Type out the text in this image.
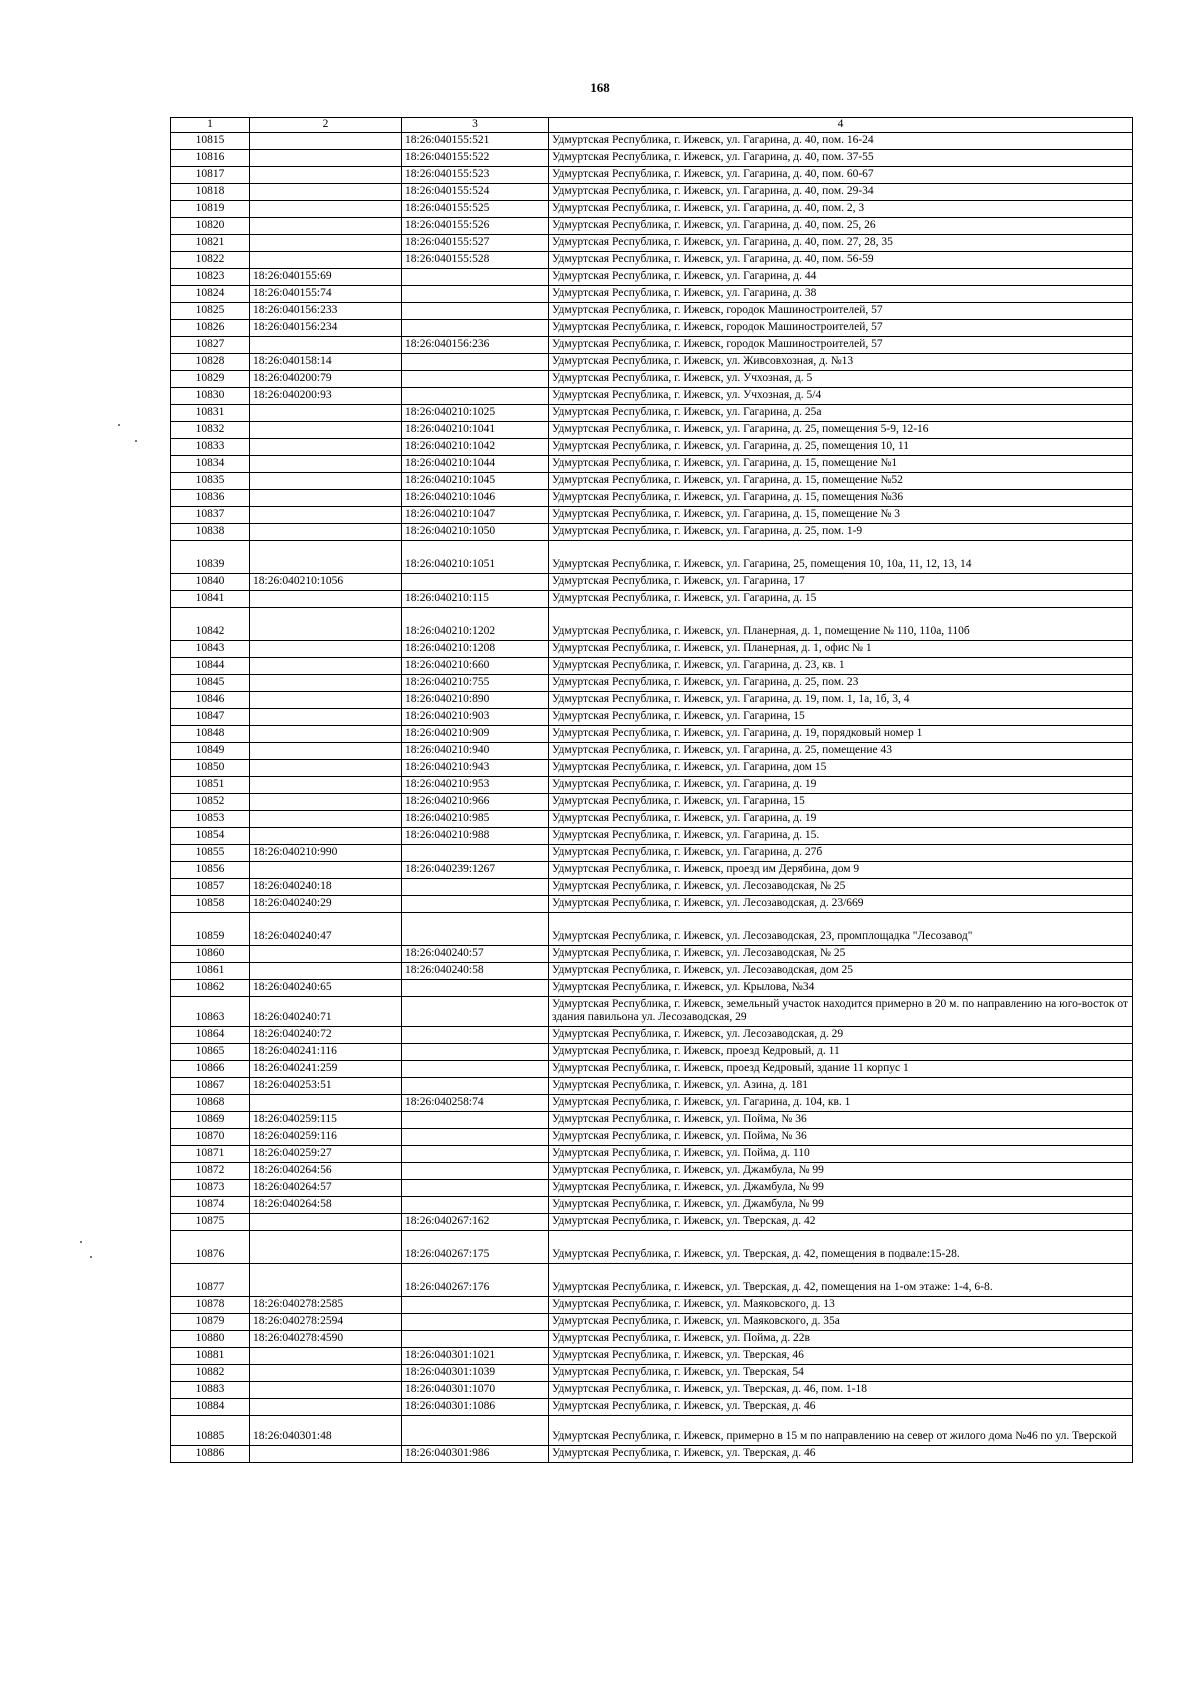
168
1	2	3	4
10815		18:26:040155:521	Удмуртская Республика, г. Ижевск, ул. Гагарина, д. 40, пом. 16-24
10816		18:26:040155:522	Удмуртская Республика, г. Ижевск, ул. Гагарина, д. 40, пом. 37-55
10817		18:26:040155:523	Удмуртская Республика, г. Ижевск, ул. Гагарина, д. 40, пом. 60-67
10818		18:26:040155:524	Удмуртская Республика, г. Ижевск, ул. Гагарина, д. 40, пом. 29-34
10819		18:26:040155:525	Удмуртская Республика, г. Ижевск, ул. Гагарина, д. 40, пом. 2, 3
10820		18:26:040155:526	Удмуртская Республика, г. Ижевск, ул. Гагарина, д. 40, пом. 25, 26
10821		18:26:040155:527	Удмуртская Республика, г. Ижевск, ул. Гагарина, д. 40, пом. 27, 28, 35
10822		18:26:040155:528	Удмуртская Республика, г. Ижевск, ул. Гагарина, д. 40, пом. 56-59
10823	18:26:040155:69		Удмуртская Республика, г. Ижевск, ул. Гагарина, д. 44
10824	18:26:040155:74		Удмуртская Республика, г. Ижевск, ул. Гагарина, д. 38
10825	18:26:040156:233		Удмуртская Республика, г. Ижевск, городок Машиностроителей, 57
10826	18:26:040156:234		Удмуртская Республика, г. Ижевск, городок Машиностроителей, 57
10827		18:26:040156:236	Удмуртская Республика, г. Ижевск, городок Машиностроителей, 57
10828	18:26:040158:14		Удмуртская Республика, г. Ижевск, ул. Живсовхозная, д. №13
10829	18:26:040200:79		Удмуртская Республика, г. Ижевск, ул. Учхозная, д. 5
10830	18:26:040200:93		Удмуртская Республика, г. Ижевск, ул. Учхозная, д. 5/4
10831		18:26:040210:1025	Удмуртская Республика, г. Ижевск, ул. Гагарина, д. 25а
10832		18:26:040210:1041	Удмуртская Республика, г. Ижевск, ул. Гагарина, д. 25, помещения 5-9, 12-16
10833		18:26:040210:1042	Удмуртская Республика, г. Ижевск, ул. Гагарина, д. 25, помещения 10, 11
10834		18:26:040210:1044	Удмуртская Республика, г. Ижевск, ул. Гагарина, д. 15, помещение №1
10835		18:26:040210:1045	Удмуртская Республика, г. Ижевск, ул. Гагарина, д. 15, помещение №52
10836		18:26:040210:1046	Удмуртская Республика, г. Ижевск, ул. Гагарина, д. 15, помещения №36
10837		18:26:040210:1047	Удмуртская Республика, г. Ижевск, ул. Гагарина, д. 15, помещение № 3
10838		18:26:040210:1050	Удмуртская Республика, г. Ижевск, ул. Гагарина, д. 25, пом. 1-9
10839		18:26:040210:1051	Удмуртская Республика, г. Ижевск, ул. Гагарина, 25, помещения 10, 10а, 11, 12, 13, 14
10840	18:26:040210:1056		Удмуртская Республика, г. Ижевск, ул. Гагарина, 17
10841		18:26:040210:115	Удмуртская Республика, г. Ижевск, ул. Гагарина, д. 15
10842		18:26:040210:1202	Удмуртская Республика, г. Ижевск, ул. Планерная, д. 1, помещение № 110, 110а, 110б
10843		18:26:040210:1208	Удмуртская Республика, г. Ижевск, ул. Планерная, д. 1, офис № 1
10844		18:26:040210:660	Удмуртская Республика, г. Ижевск, ул. Гагарина, д. 23, кв. 1
10845		18:26:040210:755	Удмуртская Республика, г. Ижевск, ул. Гагарина, д. 25, пом. 23
10846		18:26:040210:890	Удмуртская Республика, г. Ижевск, ул. Гагарина, д. 19, пом. 1, 1а, 1б, 3, 4
10847		18:26:040210:903	Удмуртская Республика, г. Ижевск, ул. Гагарина, 15
10848		18:26:040210:909	Удмуртская Республика, г. Ижевск, ул. Гагарина, д. 19, порядковый номер 1
10849		18:26:040210:940	Удмуртская Республика, г. Ижевск, ул. Гагарина, д. 25, помещение 43
10850		18:26:040210:943	Удмуртская Республика, г. Ижевск, ул. Гагарина, дом 15
10851		18:26:040210:953	Удмуртская Республика, г. Ижевск, ул. Гагарина, д. 19
10852		18:26:040210:966	Удмуртская Республика, г. Ижевск, ул. Гагарина, 15
10853		18:26:040210:985	Удмуртская Республика, г. Ижевск, ул. Гагарина, д. 19
10854		18:26:040210:988	Удмуртская Республика, г. Ижевск, ул. Гагарина, д. 15.
10855	18:26:040210:990		Удмуртская Республика, г. Ижевск, ул. Гагарина, д. 27б
10856		18:26:040239:1267	Удмуртская Республика, г. Ижевск, проезд им Дерябина, дом 9
10857	18:26:040240:18		Удмуртская Республика, г. Ижевск, ул. Лесозаводская, № 25
10858	18:26:040240:29		Удмуртская Республика, г. Ижевск, ул. Лесозаводская, д. 23/669
10859	18:26:040240:47		Удмуртская Республика, г. Ижевск, ул. Лесозаводская, 23, промплощадка "Лесозавод"
10860		18:26:040240:57	Удмуртская Республика, г. Ижевск, ул. Лесозаводская, № 25
10861		18:26:040240:58	Удмуртская Республика, г. Ижевск, ул. Лесозаводская, дом 25
10862	18:26:040240:65		Удмуртская Республика, г. Ижевск, ул. Крылова, №34
10863	18:26:040240:71		Удмуртская Республика, г. Ижевск, земельный участок находится примерно в 20 м. по направлению на юго-восток от здания павильона ул. Лесозаводская, 29
10864	18:26:040240:72		Удмуртская Республика, г. Ижевск, ул. Лесозаводская, д. 29
10865	18:26:040241:116		Удмуртская Республика, г. Ижевск, проезд Кедровый, д. 11
10866	18:26:040241:259		Удмуртская Республика, г. Ижевск, проезд Кедровый, здание 11 корпус 1
10867	18:26:040253:51		Удмуртская Республика, г. Ижевск, ул. Азина, д. 181
10868		18:26:040258:74	Удмуртская Республика, г. Ижевск, ул. Гагарина, д. 104, кв. 1
10869	18:26:040259:115		Удмуртская Республика, г. Ижевск, ул. Пойма, № 36
10870	18:26:040259:116		Удмуртская Республика, г. Ижевск, ул. Пойма, № 36
10871	18:26:040259:27		Удмуртская Республика, г. Ижевск, ул. Пойма, д. 110
10872	18:26:040264:56		Удмуртская Республика, г. Ижевск, ул. Джамбула, № 99
10873	18:26:040264:57		Удмуртская Республика, г. Ижевск, ул. Джамбула, № 99
10874	18:26:040264:58		Удмуртская Республика, г. Ижевск, ул. Джамбула, № 99
10875		18:26:040267:162	Удмуртская Республика, г. Ижевск, ул. Тверская, д. 42
10876		18:26:040267:175	Удмуртская Республика, г. Ижевск, ул. Тверская, д. 42, помещения в подвале:15-28.
10877		18:26:040267:176	Удмуртская Республика, г. Ижевск, ул. Тверская, д. 42, помещения на 1-ом этаже: 1-4, 6-8.
10878	18:26:040278:2585		Удмуртская Республика, г. Ижевск, ул. Маяковского, д. 13
10879	18:26:040278:2594		Удмуртская Республика, г. Ижевск, ул. Маяковского, д. 35а
10880	18:26:040278:4590		Удмуртская Республика, г. Ижевск, ул. Пойма, д. 22в
10881		18:26:040301:1021	Удмуртская Республика, г. Ижевск, ул. Тверская, 46
10882		18:26:040301:1039	Удмуртская Республика, г. Ижевск, ул. Тверская, 54
10883		18:26:040301:1070	Удмуртская Республика, г. Ижевск, ул. Тверская, д. 46, пом. 1-18
10884		18:26:040301:1086	Удмуртская Республика, г. Ижевск, ул. Тверская, д. 46
10885	18:26:040301:48		Удмуртская Республика, г. Ижевск, примерно в 15 м по направлению на север от жилого дома №46 по ул. Тверской
10886		18:26:040301:986	Удмуртская Республика, г. Ижевск, ул. Тверская, д. 46
